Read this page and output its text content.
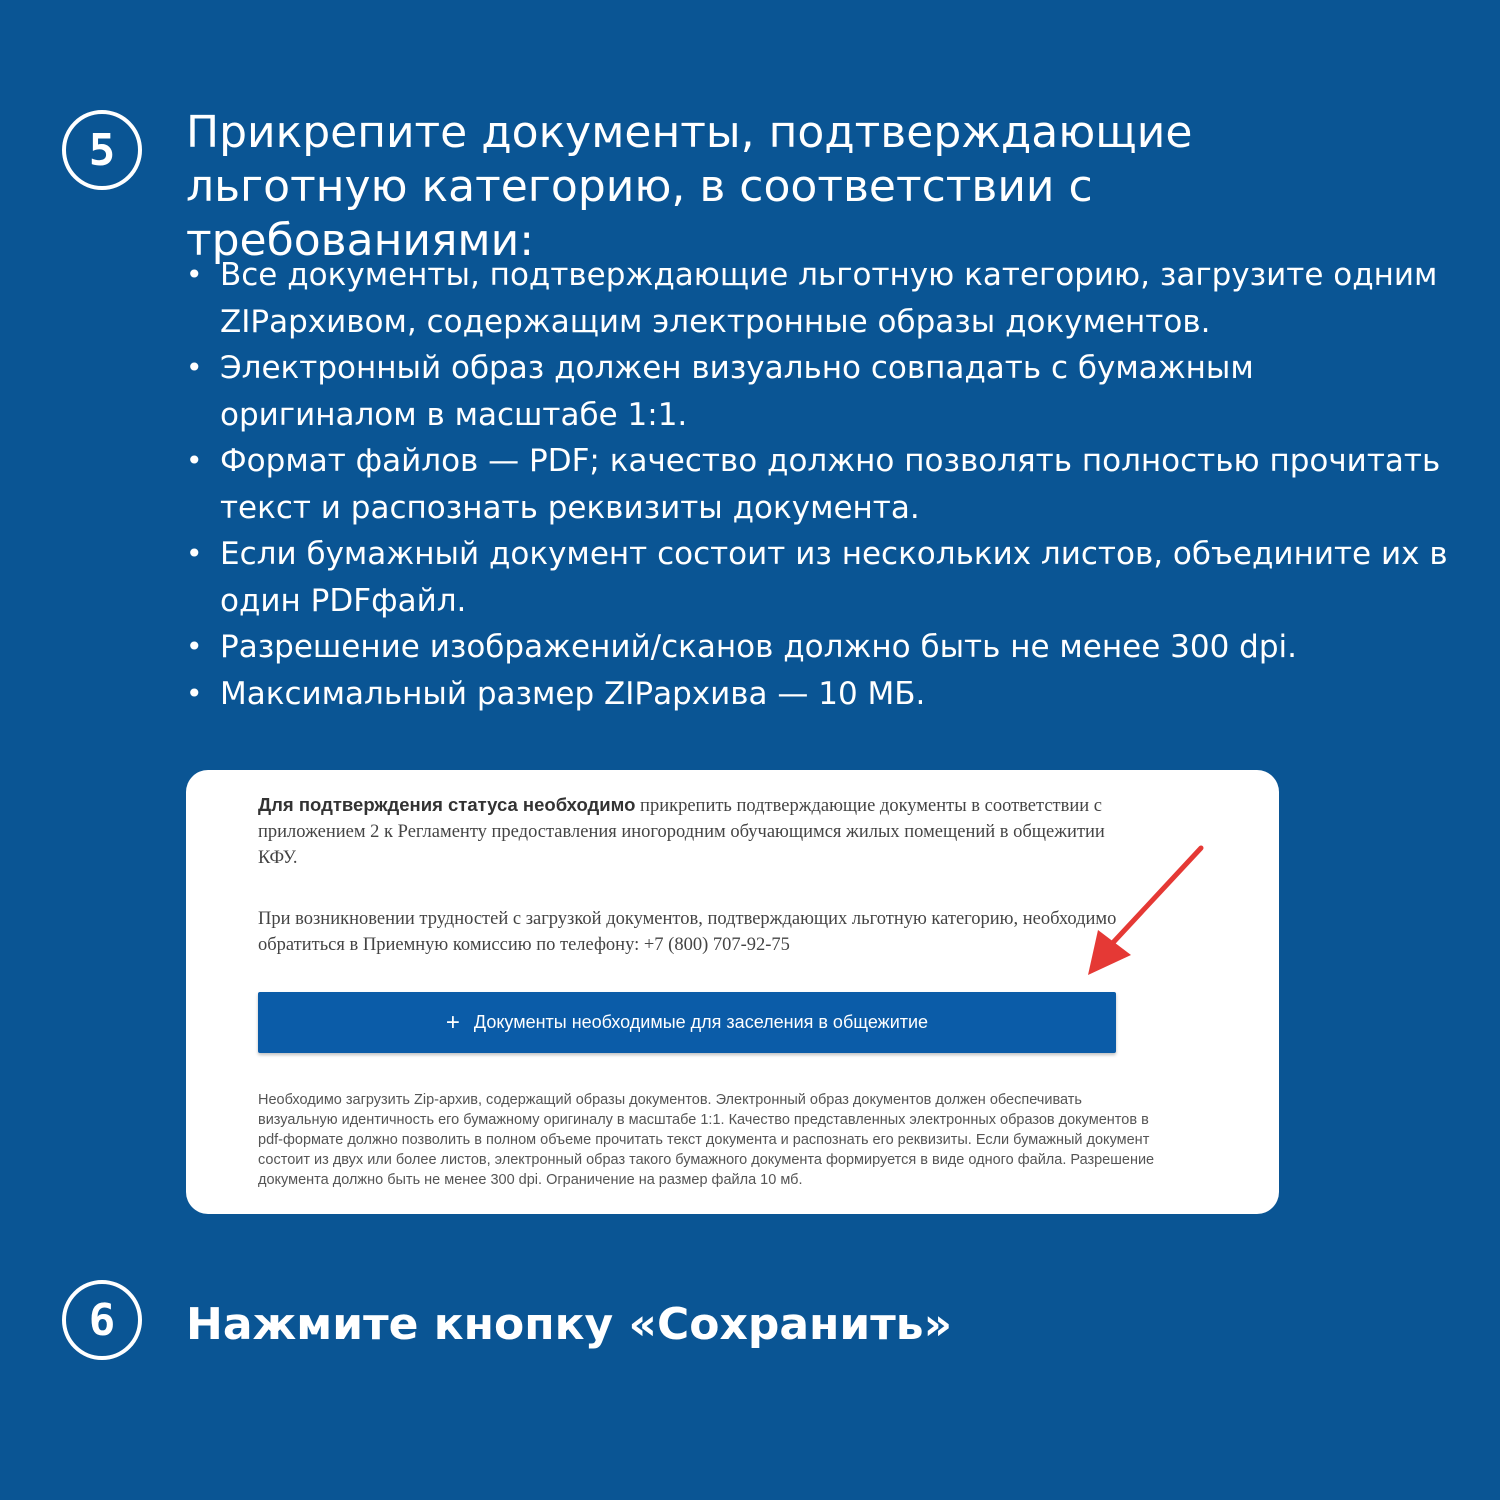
5	Прикрепите документы, подтверждающие льготную категорию, в соответствии с требованиями:
• Все документы, подтверждающие льготную категорию, загрузите одним ZIPархивом, содержащим электронные образы документов.
• Электронный образ должен визуально совпадать с бумажным оригиналом в масштабе 1:1.
• Формат файлов — PDF; качество должно позволять полностью прочитать текст и распознать реквизиты документа.
• Если бумажный документ состоит из нескольких листов, объедините их в один PDFфайл.
• Разрешение изображений/сканов должно быть не менее 300 dpi.
• Максимальный размер ZIPархива — 10 МБ.
Для подтверждения статуса необходимо прикрепить подтверждающие документы в соответствии с приложением 2 к Регламенту предоставления иногородним обучающимся жилых помещений в общежитии КФУ.
При возникновении трудностей с загрузкой документов, подтверждающих льготную категорию, необходимо обратиться в Приемную комиссию по телефону: +7 (800) 707-92-75
+ Документы необходимые для заселения в общежитие
Необходимо загрузить Zip-архив, содержащий образы документов. Электронный образ документов должен обеспечивать визуальную идентичность его бумажному оригиналу в масштабе 1:1. Качество представленных электронных образов документов в pdf-формате должно позволить в полном объеме прочитать текст документа и распознать его реквизиты. Если бумажный документ состоит из двух или более листов, электронный образ такого бумажного документа формируется в виде одного файла. Разрешение документа должно быть не менее 300 dpi. Ограничение на размер файла 10 мб.
6	Нажмите кнопку «Сохранить»
